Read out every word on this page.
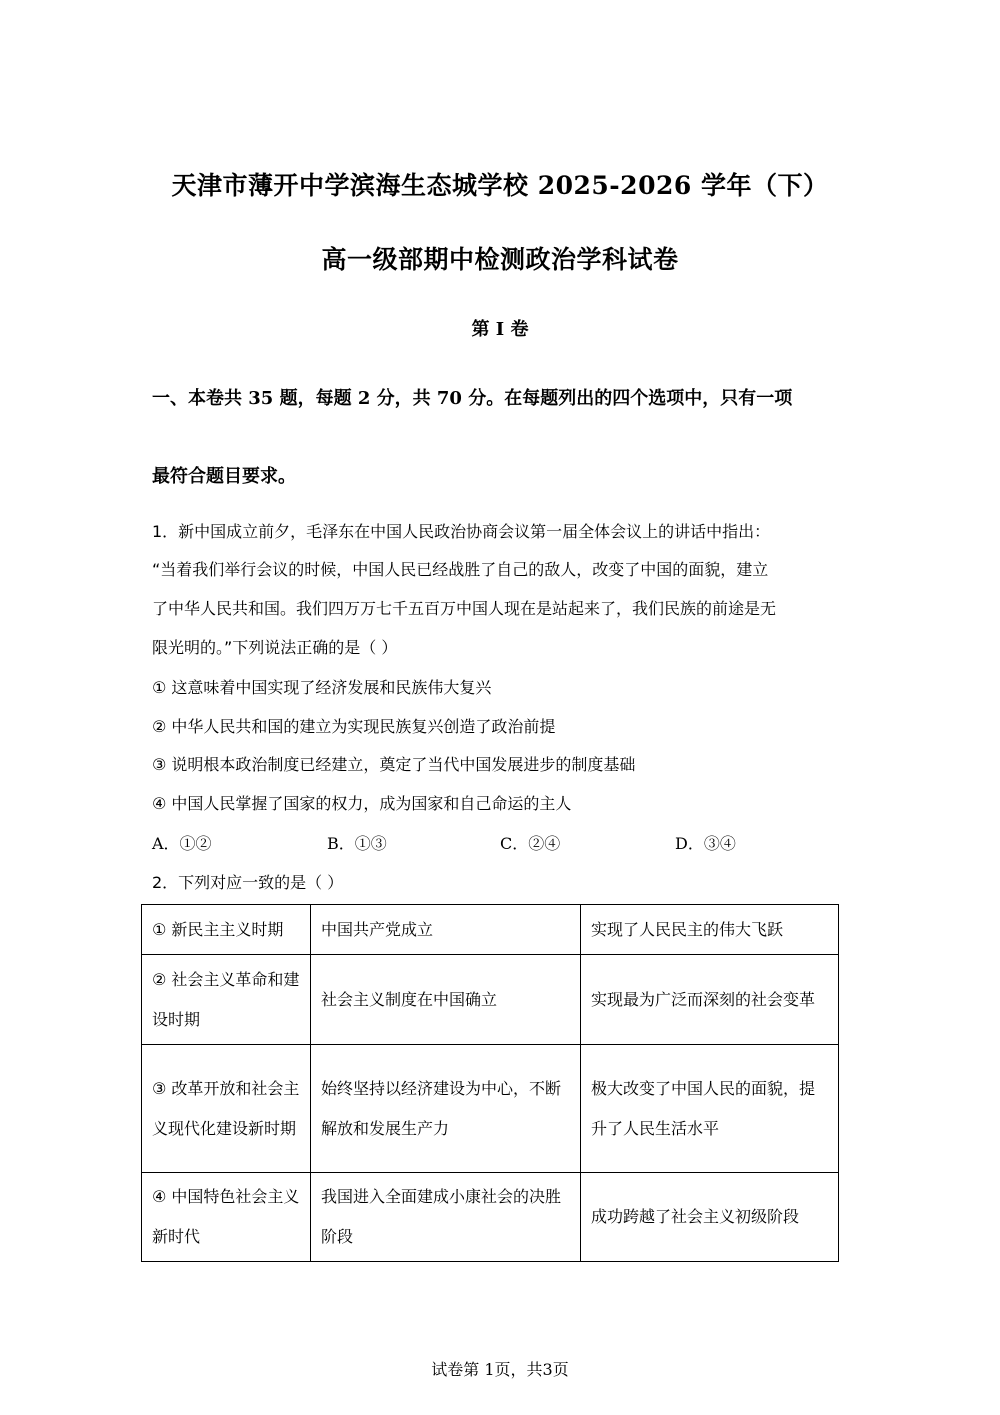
天津市薄开中学滨海生态城学校 2025-2026 学年（下）
高一级部期中检测政治学科试卷
第 I 卷
一、本卷共 35 题，每题 2 分，共 70 分。在每题列出的四个选项中，只有一项
最符合题目要求。
1．新中国成立前夕，毛泽东在中国人民政治协商会议第一届全体会议上的讲话中指出：
“当着我们举行会议的时候，中国人民已经战胜了自己的敌人，改变了中国的面貌，建立
了中华人民共和国。我们四万万七千五百万中国人现在是站起来了，我们民族的前途是无
限光明的。”下列说法正确的是（ ）
① 这意味着中国实现了经济发展和民族伟大复兴
② 中华人民共和国的建立为实现民族复兴创造了政治前提
③ 说明根本政治制度已经建立，奠定了当代中国发展进步的制度基础
④ 中国人民掌握了国家的权力，成为国家和自己命运的主人
A．①②	B．①③	C．②④	D．③④
2．下列对应一致的是（ ）
① 新民主主义时期	中国共产党成立	实现了人民民主的伟大飞跃
② 社会主义革命和建设时期	社会主义制度在中国确立	实现最为广泛而深刻的社会变革
③ 改革开放和社会主义现代化建设新时期	始终坚持以经济建设为中心，不断解放和发展生产力	极大改变了中国人民的面貌，提升了人民生活水平
④ 中国特色社会主义新时代	我国进入全面建成小康社会的决胜阶段	成功跨越了社会主义初级阶段
试卷第 1页，共3页
